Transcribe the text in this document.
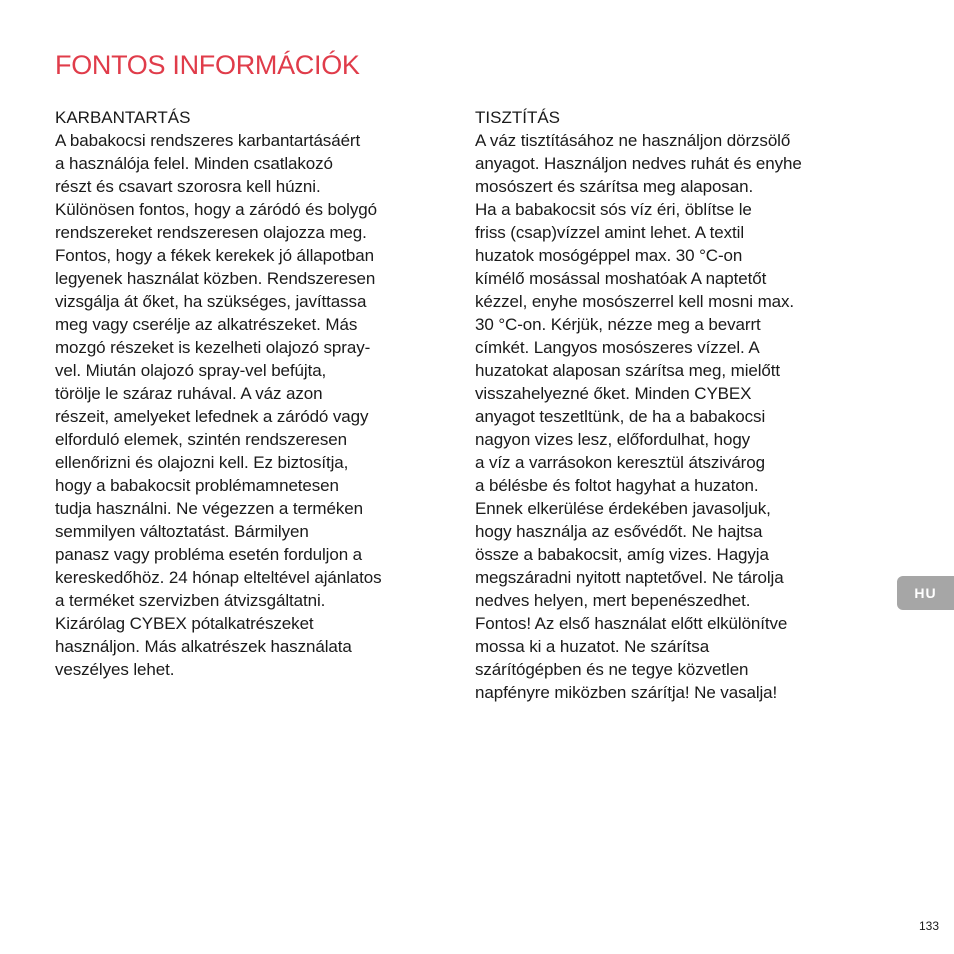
FONTOS INFORMÁCIÓK
KARBANTARTÁS
A babakocsi rendszeres karbantartásáért
a használója felel. Minden csatlakozó
részt és csavart szorosra kell húzni.
Különösen fontos, hogy a záródó és bolygó
rendszereket rendszeresen olajozza meg.
Fontos, hogy a fékek kerekek jó állapotban
legyenek használat közben. Rendszeresen
vizsgálja át őket, ha szükséges, javíttassa
meg vagy cserélje az alkatrészeket. Más
mozgó részeket is kezelheti olajozó spray-
vel. Miután olajozó spray-vel befújta,
törölje le száraz ruhával. A váz azon
részeit, amelyeket lefednek a záródó vagy
elforduló elemek, szintén rendszeresen
ellenőrizni és olajozni kell. Ez biztosítja,
hogy a babakocsit problémamnetesen
tudja használni. Ne végezzen a terméken
semmilyen változtatást. Bármilyen
panasz vagy probléma esetén forduljon a
kereskedőhöz. 24 hónap elteltével ajánlatos
a terméket szervizben átvizsgáltatni.
Kizárólag CYBEX pótalkatrészeket
használjon. Más alkatrészek használata
veszélyes lehet.
TISZTÍTÁS
A váz tisztításához ne használjon dörzsölő
anyagot. Használjon nedves ruhát és enyhe
mosószert és szárítsa meg alaposan.
Ha a babakocsit sós víz éri, öblítse le
friss (csap)vízzel amint lehet. A textil
huzatok mosógéppel max. 30 °C-on
kímélő mosással moshatóak A naptetőt
kézzel, enyhe mosószerrel kell mosni max.
30 °C-on. Kérjük, nézze meg a bevarrt
címkét. Langyos mosószeres vízzel. A
huzatokat alaposan szárítsa meg, mielőtt
visszahelyezné őket. Minden CYBEX
anyagot teszetltünk, de ha a babakocsi
nagyon vizes lesz, előfordulhat, hogy
a víz a varrásokon keresztül átszivárog
a bélésbe és foltot hagyhat a huzaton.
Ennek elkerülése érdekében javasoljuk,
hogy használja az esővédőt. Ne hajtsa
össze a babakocsit, amíg vizes. Hagyja
megszáradni nyitott naptetővel. Ne tárolja
nedves helyen, mert bepenészedhet.
Fontos! Az első használat előtt elkülönítve
mossa ki a huzatot. Ne szárítsa
szárítógépben és ne tegye közvetlen
napfényre miközben szárítja! Ne vasalja!
HU
133
